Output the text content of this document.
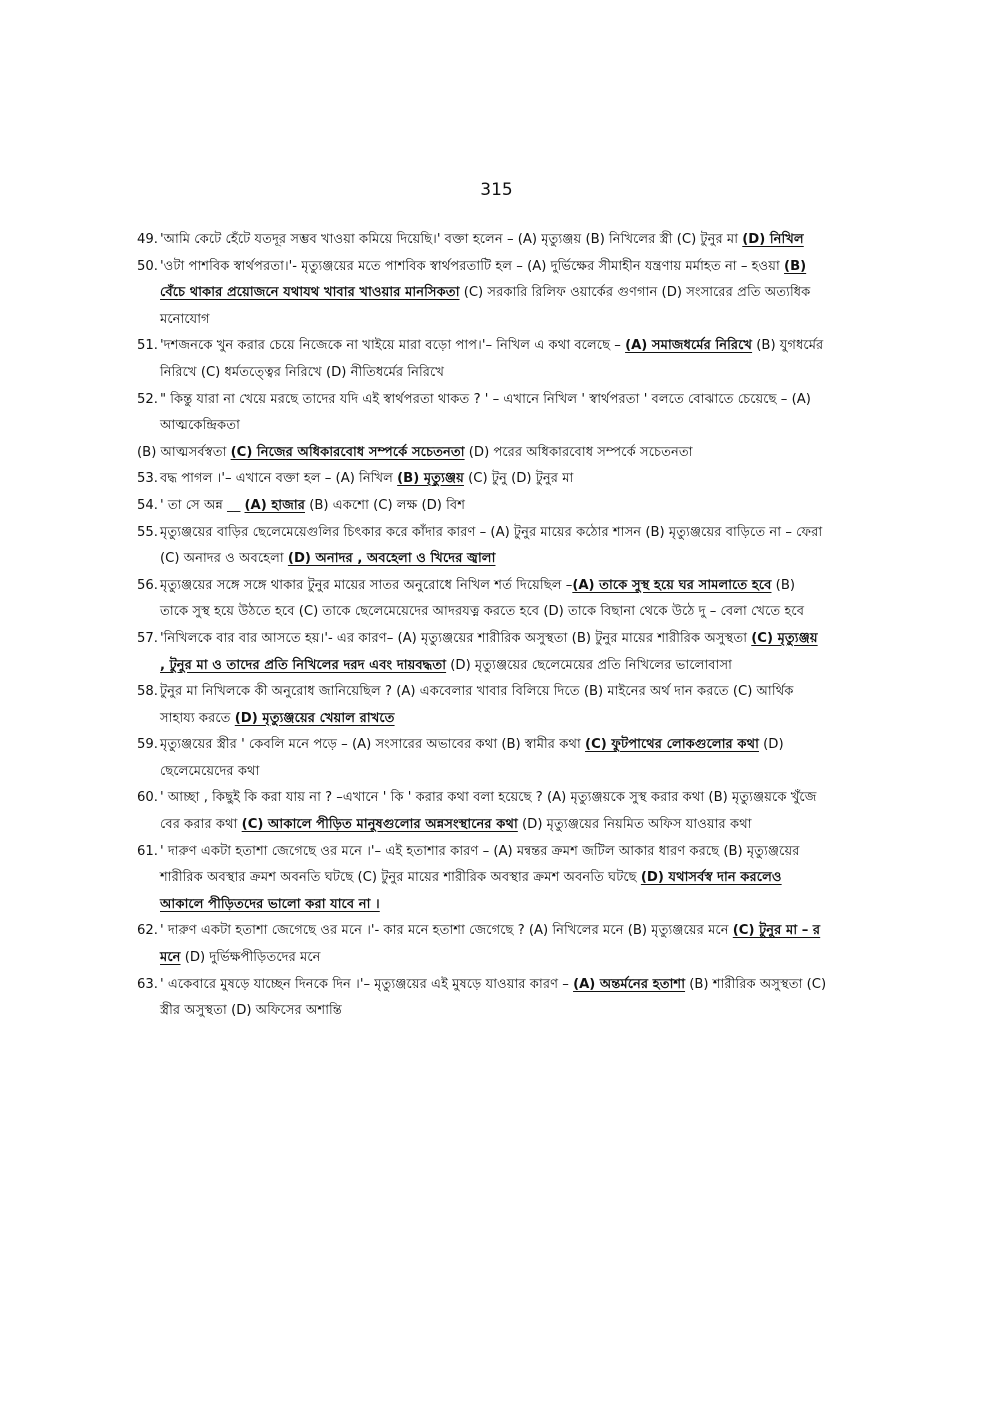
315

49. 'আমি কেটে হেঁটে যতদূর সম্ভব খাওয়া কমিয়ে দিয়েছি।' বক্তা হলেন – (A) মৃত্যুঞ্জয় (B) নিখিলের স্ত্রী (C) টুনুর মা (D) নিখিল

50. 'ওটা পাশবিক স্বার্থপরতা।'- মৃত্যুঞ্জয়ের মতে পাশবিক স্বার্থপরতাটি হল – (A) দুর্ভিক্ষের সীমাহীন যন্ত্রণায় মর্মাহত না – হওয়া (B) বেঁচে থাকার প্রয়োজনে যথাযথ খাবার খাওয়ার মানসিকতা (C) সরকারি রিলিফ ওয়ার্কের গুণগান (D) সংসারের প্রতি অত্যধিক মনোযোগ

51. 'দশজনকে খুন করার চেয়ে নিজেকে না খাইয়ে মারা বড়ো পাপ।'– নিখিল এ কথা বলেছে – (A) সমাজধর্মের নিরিখে (B) যুগধর্মের নিরিখে (C) ধর্মতত্ত্বের নিরিখে (D) নীতিধর্মের নিরিখে

52. " কিন্তু যারা না খেয়ে মরছে তাদের যদি এই স্বার্থপরতা থাকত ? ' – এখানে নিখিল ' স্বার্থপরতা ' বলতে বোঝাতে চেয়েছে – (A) আত্মকেন্দ্রিকতা

(B) আত্মসর্বস্বতা (C) নিজের অধিকারবোধ সম্পর্কে সচেতনতা (D) পরের অধিকারবোধ সম্পর্কে সচেতনতা

53. বদ্ধ পাগল ।'– এখানে বক্তা হল – (A) নিখিল (B) মৃত্যুঞ্জয় (C) টুনু (D) টুনুর মা

54. ' তা সে অন্ন __ (A) হাজার (B) একশো (C) লক্ষ (D) বিশ

55. মৃত্যুঞ্জয়ের বাড়ির ছেলেমেয়েগুলির চিৎকার করে কাঁদার কারণ – (A) টুনুর মায়ের কঠোর শাসন (B) মৃত্যুঞ্জয়ের বাড়িতে না – ফেরা (C) অনাদর ও অবহেলা (D) অনাদর , অবহেলা ও খিদের জ্বালা

56. মৃত্যুঞ্জয়ের সঙ্গে সঙ্গে থাকার টুনুর মায়ের সাতর অনুরোধে নিখিল শর্ত দিয়েছিল –(A) তাকে সুস্থ হয়ে ঘর সামলাতে হবে (B) তাকে সুস্থ হয়ে উঠতে হবে (C) তাকে ছেলেমেয়েদের আদরযত্ন করতে হবে (D) তাকে বিছানা থেকে উঠে দু – বেলা খেতে হবে

57. 'নিখিলকে বার বার আসতে হয়।'- এর কারণ– (A) মৃত্যুঞ্জয়ের শারীরিক অসুস্থতা (B) টুনুর মায়ের শারীরিক অসুস্থতা (C) মৃত্যুঞ্জয় , টুনুর মা ও তাদের প্রতি নিখিলের দরদ এবং দায়বদ্ধতা (D) মৃত্যুঞ্জয়ের ছেলেমেয়ের প্রতি নিখিলের ভালোবাসা

58. টুনুর মা নিখিলকে কী অনুরোধ জানিয়েছিল ? (A) একবেলার খাবার বিলিয়ে দিতে (B) মাইনের অর্থ দান করতে (C) আর্থিক সাহায্য করতে (D) মৃত্যুঞ্জয়ের খেয়াল রাখতে

59. মৃত্যুঞ্জয়ের স্ত্রীর ' কেবলি মনে পড়ে – (A) সংসারের অভাবের কথা (B) স্বামীর কথা (C) ফুটপাথের লোকগুলোর কথা (D) ছেলেমেয়েদের কথা

60. ' আচ্ছা , কিছুই কি করা যায় না ? –এখানে ' কি ' করার কথা বলা হয়েছে ? (A) মৃত্যুঞ্জয়কে সুস্থ করার কথা (B) মৃত্যুঞ্জয়কে খুঁজে বের করার কথা (C) আকালে পীড়িত মানুষগুলোর অন্নসংস্থানের কথা (D) মৃত্যুঞ্জয়ের নিয়মিত অফিস যাওয়ার কথা

61. ' দারুণ একটা হতাশা জেগেছে ওর মনে ।'– এই হতাশার কারণ – (A) মন্বন্তর ক্রমশ জটিল আকার ধারণ করছে (B) মৃত্যুঞ্জয়ের শারীরিক অবস্থার ক্রমশ অবনতি ঘটছে (C) টুনুর মায়ের শারীরিক অবস্থার ক্রমশ অবনতি ঘটছে (D) যথাসর্বস্ব দান করলেও আকালে পীড়িতদের ভালো করা যাবে না ।

62. ' দারুণ একটা হতাশা জেগেছে ওর মনে ।'- কার মনে হতাশা জেগেছে ? (A) নিখিলের মনে (B) মৃত্যুঞ্জয়ের মনে (C) টুনুর মা – র মনে (D) দুর্ভিক্ষপীড়িতদের মনে

63. ' একেবারে মুষড়ে যাচ্ছেন দিনকে দিন ।'– মৃত্যুঞ্জয়ের এই মুষড়ে যাওয়ার কারণ – (A) অন্তর্মনের হতাশা (B) শারীরিক অসুস্থতা (C) স্ত্রীর অসুস্থতা (D) অফিসের অশান্তি
